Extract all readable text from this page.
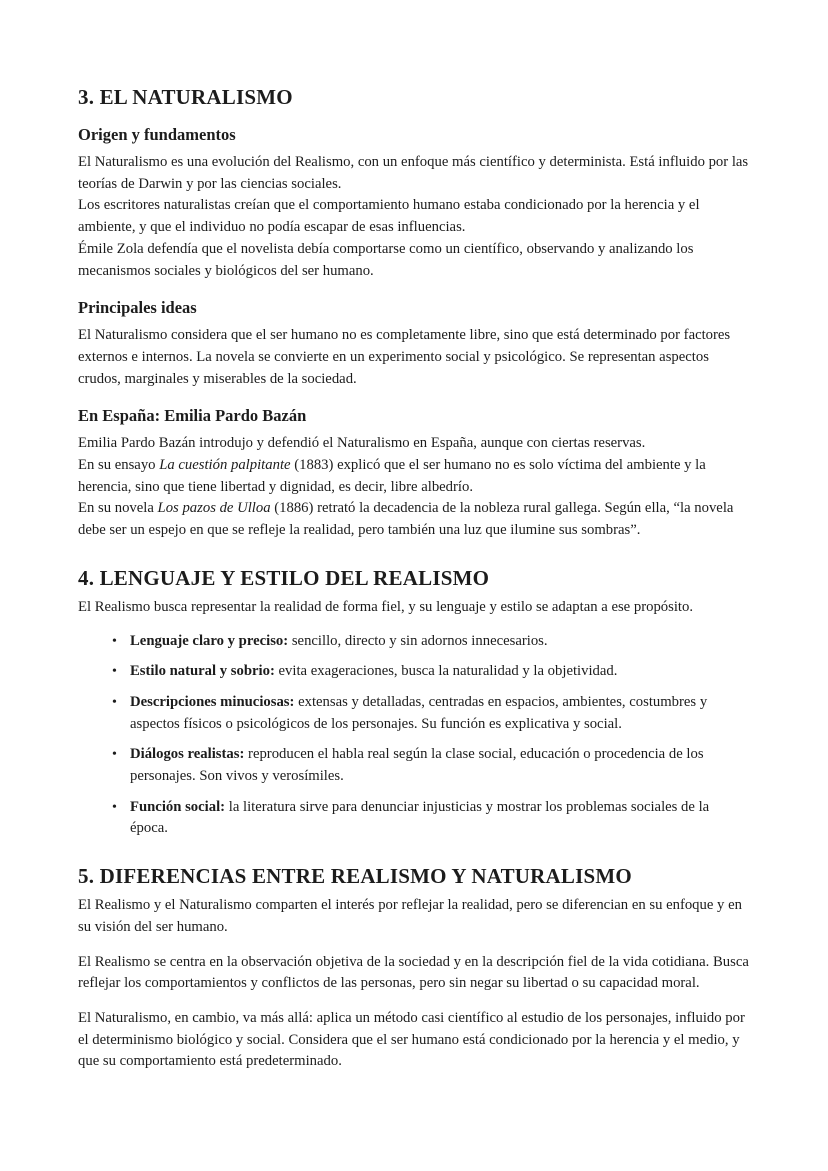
3. EL NATURALISMO
Origen y fundamentos

El Naturalismo es una evolución del Realismo, con un enfoque más científico y determinista. Está influido por las teorías de Darwin y por las ciencias sociales.
Los escritores naturalistas creían que el comportamiento humano estaba condicionado por la herencia y el ambiente, y que el individuo no podía escapar de esas influencias.
Émile Zola defendía que el novelista debía comportarse como un científico, observando y analizando los mecanismos sociales y biológicos del ser humano.

Principales ideas

El Naturalismo considera que el ser humano no es completamente libre, sino que está determinado por factores externos e internos. La novela se convierte en un experimento social y psicológico. Se representan aspectos crudos, marginales y miserables de la sociedad.

En España: Emilia Pardo Bazán

Emilia Pardo Bazán introdujo y defendió el Naturalismo en España, aunque con ciertas reservas.
En su ensayo La cuestión palpitante (1883) explicó que el ser humano no es solo víctima del ambiente y la herencia, sino que tiene libertad y dignidad, es decir, libre albedrío.
En su novela Los pazos de Ulloa (1886) retrató la decadencia de la nobleza rural gallega. Según ella, “la novela debe ser un espejo en que se refleje la realidad, pero también una luz que ilumine sus sombras”.

4. LENGUAJE Y ESTILO DEL REALISMO

El Realismo busca representar la realidad de forma fiel, y su lenguaje y estilo se adaptan a ese propósito.

• Lenguaje claro y preciso: sencillo, directo y sin adornos innecesarios.
• Estilo natural y sobrio: evita exageraciones, busca la naturalidad y la objetividad.
• Descripciones minuciosas: extensas y detalladas, centradas en espacios, ambientes, costumbres y aspectos físicos o psicológicos de los personajes. Su función es explicativa y social.
• Diálogos realistas: reproducen el habla real según la clase social, educación o procedencia de los personajes. Son vivos y verosímiles.
• Función social: la literatura sirve para denunciar injusticias y mostrar los problemas sociales de la época.
5. DIFERENCIAS ENTRE REALISMO Y NATURALISMO

El Realismo y el Naturalismo comparten el interés por reflejar la realidad, pero se diferencian en su enfoque y en su visión del ser humano.

El Realismo se centra en la observación objetiva de la sociedad y en la descripción fiel de la vida cotidiana. Busca reflejar los comportamientos y conflictos de las personas, pero sin negar su libertad o su capacidad moral.

El Naturalismo, en cambio, va más allá: aplica un método casi científico al estudio de los personajes, influido por el determinismo biológico y social. Considera que el ser humano está condicionado por la herencia y el medio, y que su comportamiento está predeterminado.
